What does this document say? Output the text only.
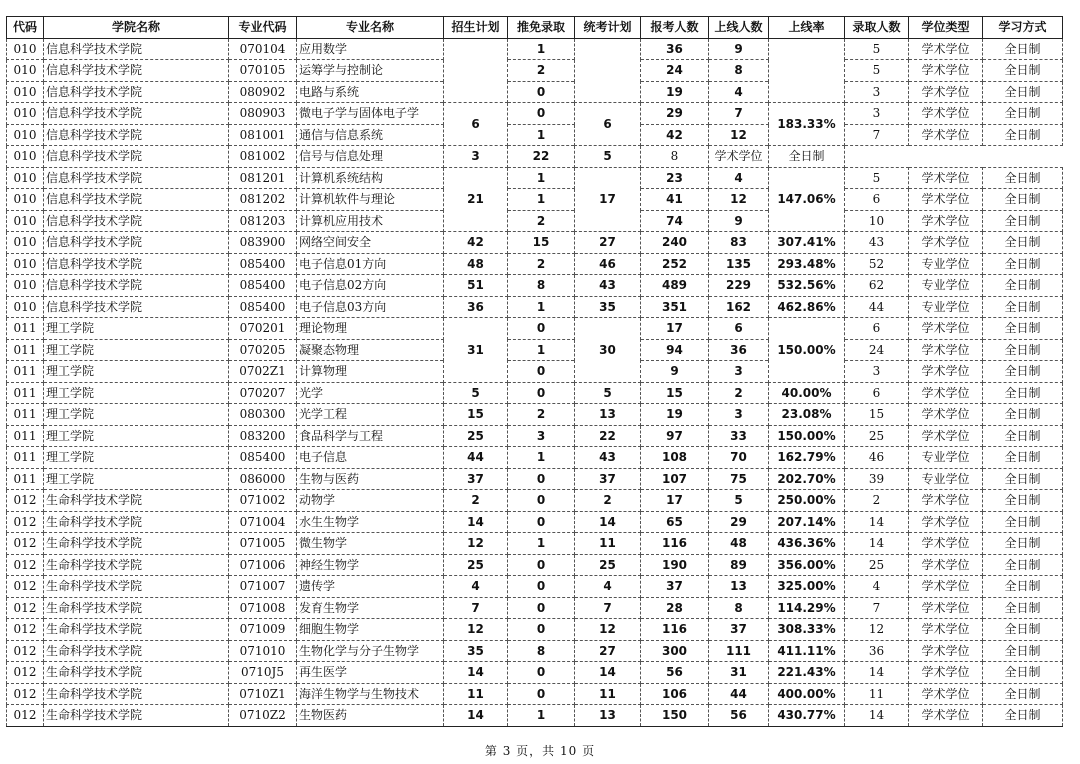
代码	学院名称	专业代码	专业名称	招生计划	推免录取	统考计划	报考人数	上线人数	上线率	录取人数	学位类型	学习方式
010	信息科学技术学院	070104	应用数学		1		36	9		5	学术学位	全日制
010	信息科学技术学院	070105	运筹学与控制论		2		24	8		5	学术学位	全日制
010	信息科学技术学院	080902	电路与系统		0		19	4		3	学术学位	全日制
010	信息科学技术学院	080903	微电子学与固体电子学	6	0	6	29	7	183.33%	3	学术学位	全日制
010	信息科学技术学院	081001	通信与信息系统		1		42	12		7	学术学位	全日制
010	信息科学技术学院	081002	信号与信息处理	3	22	5	8	学术学位	全日制			
010	信息科学技术学院	081201	计算机系统结构	21	1	17	23	4	147.06%	5	学术学位	全日制
010	信息科学技术学院	081202	计算机软件与理论		1		41	12		6	学术学位	全日制
010	信息科学技术学院	081203	计算机应用技术		2		74	9		10	学术学位	全日制
010	信息科学技术学院	083900	网络空间安全	42	15	27	240	83	307.41%	43	学术学位	全日制
010	信息科学技术学院	085400	电子信息01方向	48	2	46	252	135	293.48%	52	专业学位	全日制
010	信息科学技术学院	085400	电子信息02方向	51	8	43	489	229	532.56%	62	专业学位	全日制
010	信息科学技术学院	085400	电子信息03方向	36	1	35	351	162	462.86%	44	专业学位	全日制
011	理工学院	070201	理论物理	31	0	30	17	6	150.00%	6	学术学位	全日制
011	理工学院	070205	凝聚态物理		1		94	36		24	学术学位	全日制
011	理工学院	0702Z1	计算物理		0		9	3		3	学术学位	全日制
011	理工学院	070207	光学	5	0	5	15	2	40.00%	6	学术学位	全日制
011	理工学院	080300	光学工程	15	2	13	19	3	23.08%	15	学术学位	全日制
011	理工学院	083200	食品科学与工程	25	3	22	97	33	150.00%	25	学术学位	全日制
011	理工学院	085400	电子信息	44	1	43	108	70	162.79%	46	专业学位	全日制
011	理工学院	086000	生物与医药	37	0	37	107	75	202.70%	39	专业学位	全日制
012	生命科学技术学院	071002	动物学	2	0	2	17	5	250.00%	2	学术学位	全日制
012	生命科学技术学院	071004	水生生物学	14	0	14	65	29	207.14%	14	学术学位	全日制
012	生命科学技术学院	071005	微生物学	12	1	11	116	48	436.36%	14	学术学位	全日制
012	生命科学技术学院	071006	神经生物学	25	0	25	190	89	356.00%	25	学术学位	全日制
012	生命科学技术学院	071007	遗传学	4	0	4	37	13	325.00%	4	学术学位	全日制
012	生命科学技术学院	071008	发育生物学	7	0	7	28	8	114.29%	7	学术学位	全日制
012	生命科学技术学院	071009	细胞生物学	12	0	12	116	37	308.33%	12	学术学位	全日制
012	生命科学技术学院	071010	生物化学与分子生物学	35	8	27	300	111	411.11%	36	学术学位	全日制
012	生命科学技术学院	0710J5	再生医学	14	0	14	56	31	221.43%	14	学术学位	全日制
012	生命科学技术学院	0710Z1	海洋生物学与生物技术	11	0	11	106	44	400.00%	11	学术学位	全日制
012	生命科学技术学院	0710Z2	生物医药	14	1	13	150	56	430.77%	14	学术学位	全日制
第 3 页，共 10 页
